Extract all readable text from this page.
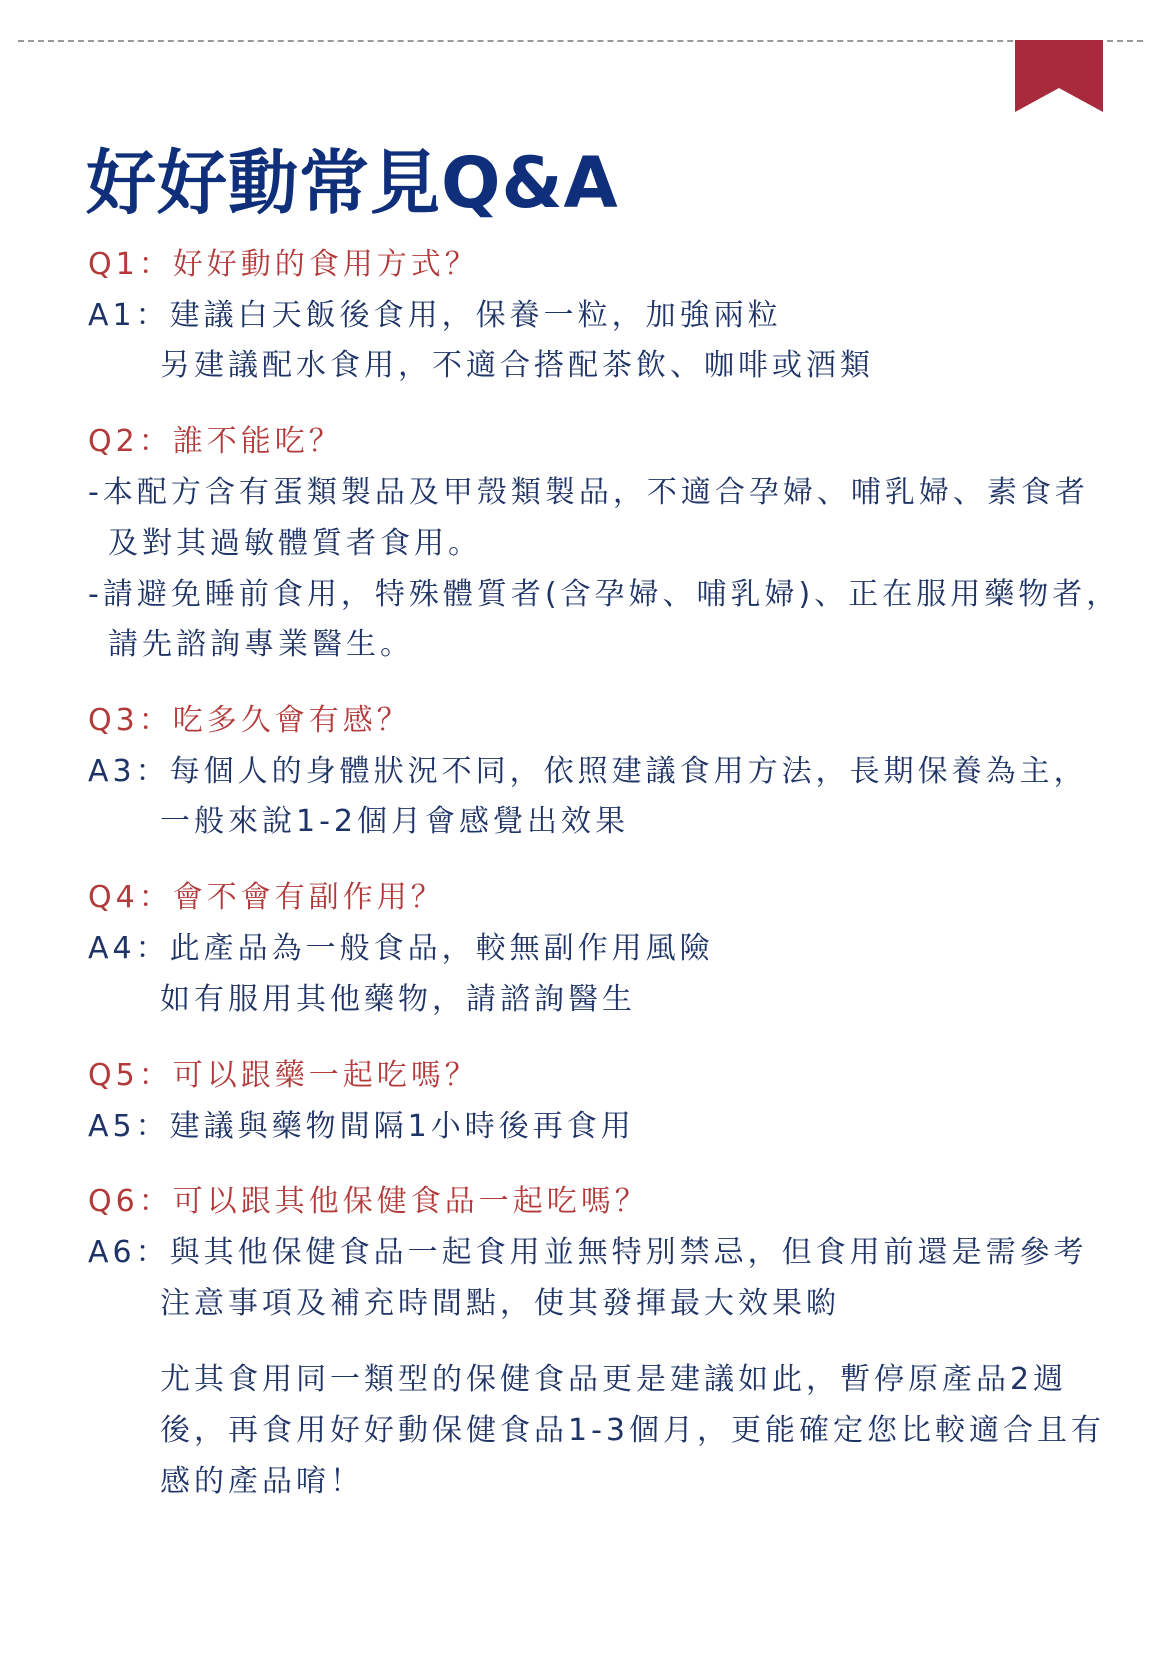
好好動常見Q&A
Q1：好好動的食用方式？
A1：建議白天飯後食用，保養一粒，加強兩粒
另建議配水食用，不適合搭配茶飲、咖啡或酒類
Q2：誰不能吃？
-本配方含有蛋類製品及甲殼類製品，不適合孕婦、哺乳婦、素食者
及對其過敏體質者食用。
-請避免睡前食用，特殊體質者(含孕婦、哺乳婦)、正在服用藥物者，
請先諮詢專業醫生。
Q3：吃多久會有感？
A3：每個人的身體狀況不同，依照建議食用方法，長期保養為主，
一般來說1-2個月會感覺出效果
Q4：會不會有副作用？
A4：此產品為一般食品，較無副作用風險
如有服用其他藥物，請諮詢醫生
Q5：可以跟藥一起吃嗎？
A5：建議與藥物間隔1小時後再食用
Q6：可以跟其他保健食品一起吃嗎？
A6：與其他保健食品一起食用並無特別禁忌，但食用前還是需參考
注意事項及補充時間點，使其發揮最大效果喲
尤其食用同一類型的保健食品更是建議如此，暫停原產品2週
後，再食用好好動保健食品1-3個月，更能確定您比較適合且有
感的產品唷！
